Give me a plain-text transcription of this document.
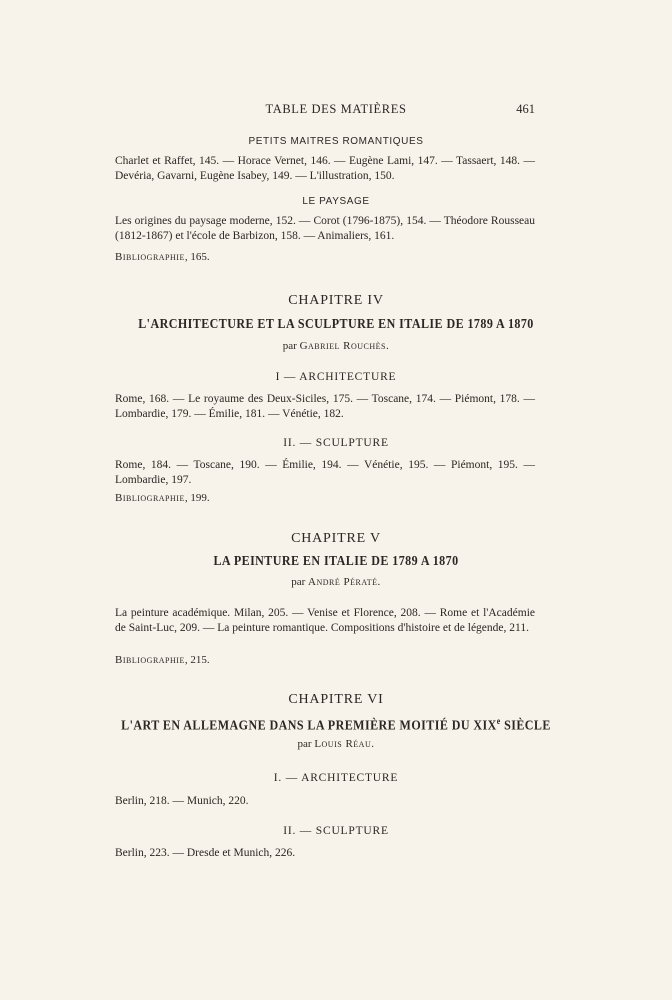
TABLE DES MATIÈRES	461
PETITS MAITRES ROMANTIQUES
Charlet et Raffet, 145. — Horace Vernet, 146. — Eugène Lami, 147. — Tassaert, 148. — Devéria, Gavarni, Eugène Isabey, 149. — L'illustration, 150.
LE PAYSAGE
Les origines du paysage moderne, 152. — Corot (1796-1875), 154. — Théodore Rousseau (1812-1867) et l'école de Barbizon, 158. — Animaliers, 161.
Bibliographie, 165.
CHAPITRE IV
L'ARCHITECTURE ET LA SCULPTURE EN ITALIE DE 1789 A 1870
par Gabriel Rouchès.
I — ARCHITECTURE
Rome, 168. — Le royaume des Deux-Siciles, 175. — Toscane, 174. — Piémont, 178. — Lombardie, 179. — Émilie, 181. — Vénétie, 182.
II. — SCULPTURE
Rome, 184. — Toscane, 190. — Émilie, 194. — Vénétie, 195. — Piémont, 195. — Lombardie, 197.
Bibliographie, 199.
CHAPITRE V
LA PEINTURE EN ITALIE DE 1789 A 1870
par André Pératé.
La peinture académique. Milan, 205. — Venise et Florence, 208. — Rome et l'Académie de Saint-Luc, 209. — La peinture romantique. Compositions d'histoire et de légende, 211.
Bibliographie, 215.
CHAPITRE VI
L'ART EN ALLEMAGNE DANS LA PREMIÈRE MOITIÉ DU XIXe SIÈCLE
par Louis Réau.
I. — ARCHITECTURE
Berlin, 218. — Munich, 220.
II. — SCULPTURE
Berlin, 223. — Dresde et Munich, 226.
